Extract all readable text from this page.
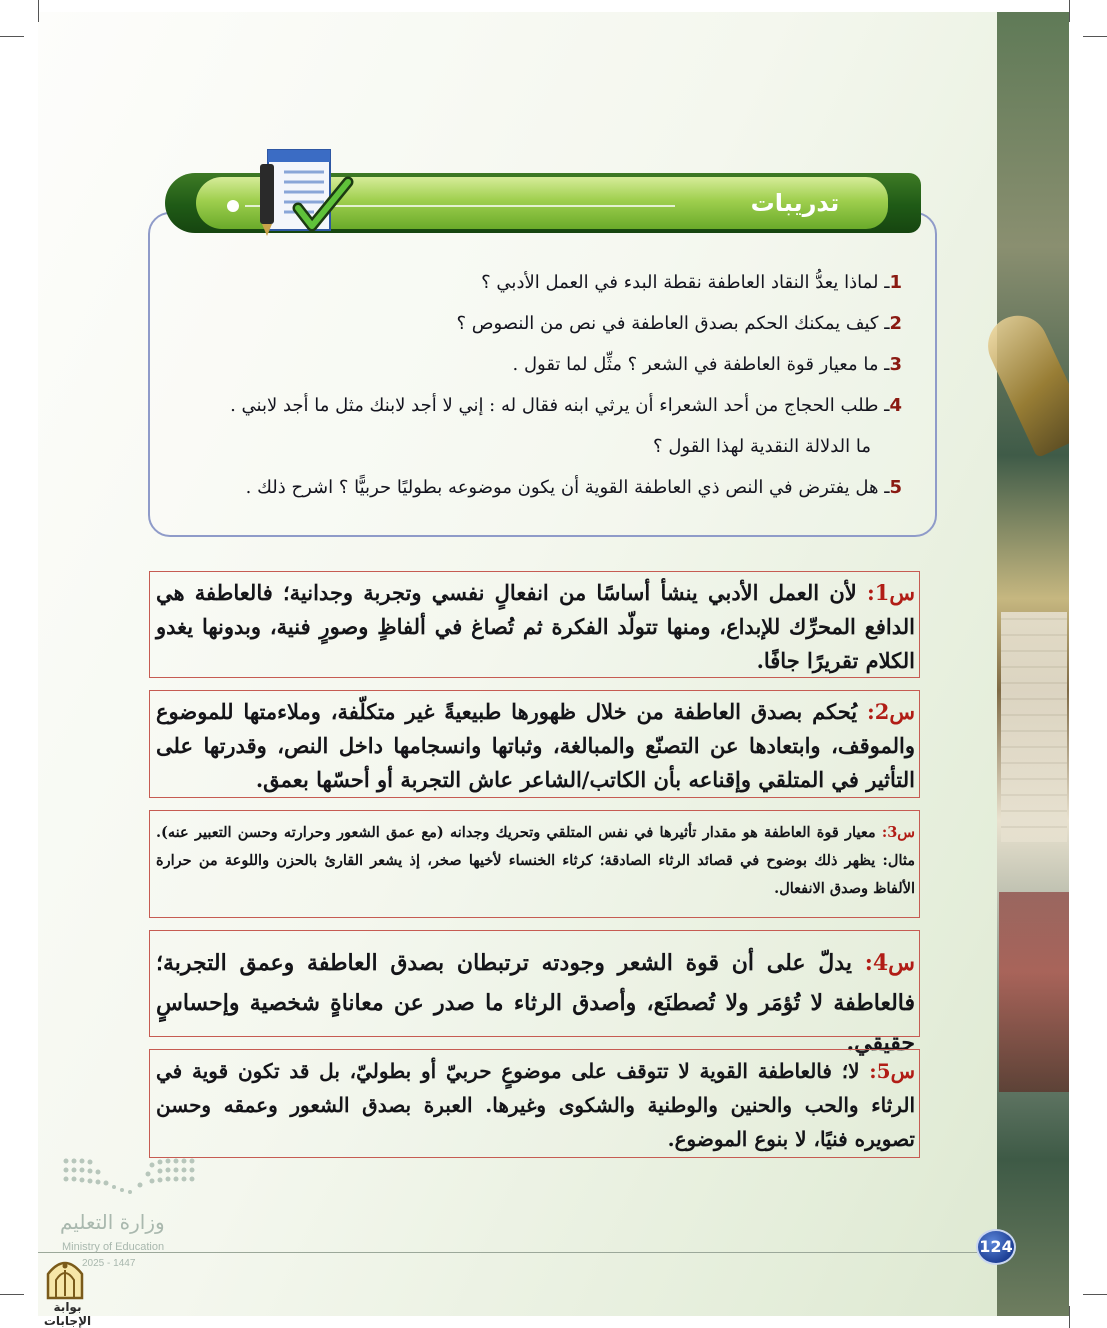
تدريبات
1ـ لماذا يعدُّ النقاد العاطفة نقطة البدء في العمل الأدبي ؟
2ـ كيف يمكنك الحكم بصدق العاطفة في نص من النصوص ؟
3ـ ما معيار قوة العاطفة في الشعر ؟ مثِّل لما تقول .
4ـ طلب الحجاج من أحد الشعراء أن يرثي ابنه فقال له : إني لا أجد لابنك مثل ما أجد لابني .
ما الدلالة النقدية لهذا القول ؟
5ـ هل يفترض في النص ذي العاطفة القوية أن يكون موضوعه بطوليًا حربيًّا ؟ اشرح ذلك .
س1: لأن العمل الأدبي ينشأ أساسًا من انفعالٍ نفسي وتجربة وجدانية؛ فالعاطفة هي الدافع المحرِّك للإبداع، ومنها تتولّد الفكرة ثم تُصاغ في ألفاظٍ وصورٍ فنية، وبدونها يغدو الكلام تقريرًا جافًا.
س2: يُحكم بصدق العاطفة من خلال ظهورها طبيعيةً غير متكلّفة، وملاءمتها للموضوع والموقف، وابتعادها عن التصنّع والمبالغة، وثباتها وانسجامها داخل النص، وقدرتها على التأثير في المتلقي وإقناعه بأن الكاتب/الشاعر عاش التجربة أو أحسّها بعمق.
س3: معيار قوة العاطفة هو مقدار تأثيرها في نفس المتلقي وتحريك وجدانه (مع عمق الشعور وحرارته وحسن التعبير عنه). مثال: يظهر ذلك بوضوح في قصائد الرثاء الصادقة؛ كرثاء الخنساء لأخيها صخر، إذ يشعر القارئ بالحزن واللوعة من حرارة الألفاظ وصدق الانفعال.
س4: يدلّ على أن قوة الشعر وجودته ترتبطان بصدق العاطفة وعمق التجربة؛ فالعاطفة لا تُؤمَر ولا تُصطنَع، وأصدق الرثاء ما صدر عن معاناةٍ شخصية وإحساسٍ حقيقي.
س5: لا؛ فالعاطفة القوية لا تتوقف على موضوعٍ حربيّ أو بطوليّ، بل قد تكون قوية في الرثاء والحب والحنين والوطنية والشكوى وغيرها. العبرة بصدق الشعور وعمقه وحسن تصويره فنيًا، لا بنوع الموضوع.
124
وزارة التعليم
Ministry of Education
2025 - 1447
بوابة الإجابات
